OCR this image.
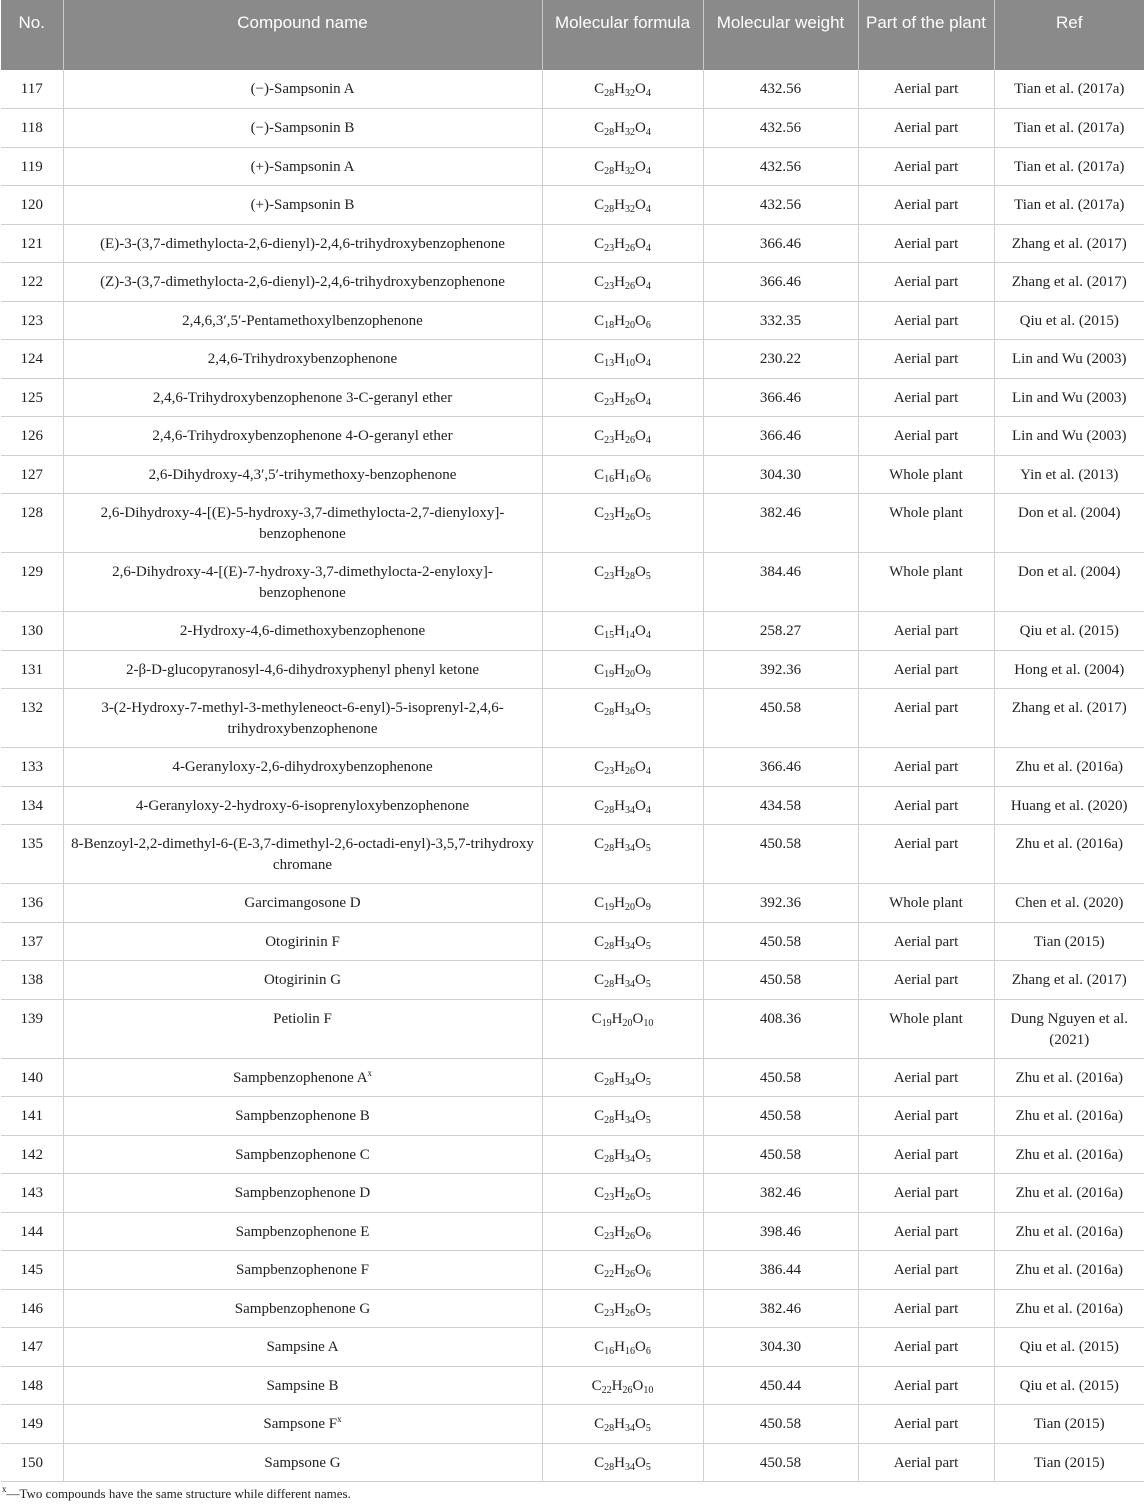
No.	Compound name	Molecular formula	Molecular weight	Part of the plant	Ref
117	(−)-Sampsonin A	$C_{28}H_{32}O_4$	432.56	Aerial part	Tian et al. (2017a)
118	(−)-Sampsonin B	$C_{28}H_{32}O_4$	432.56	Aerial part	Tian et al. (2017a)
119	(+)-Sampsonin A	$C_{28}H_{32}O_4$	432.56	Aerial part	Tian et al. (2017a)
120	(+)-Sampsonin B	$C_{28}H_{32}O_4$	432.56	Aerial part	Tian et al. (2017a)
121	(E)-3-(3,7-dimethylocta-2,6-dienyl)-2,4,6-trihydroxybenzophenone	$C_{23}H_{26}O_4$	366.46	Aerial part	Zhang et al. (2017)
122	(Z)-3-(3,7-dimethylocta-2,6-dienyl)-2,4,6-trihydroxybenzophenone	$C_{23}H_{26}O_4$	366.46	Aerial part	Zhang et al. (2017)
123	2,4,6,3′,5′-Pentamethoxylbenzophenone	$C_{18}H_{20}O_6$	332.35	Aerial part	Qiu et al. (2015)
124	2,4,6-Trihydroxybenzophenone	$C_{13}H_{10}O_4$	230.22	Aerial part	Lin and Wu (2003)
125	2,4,6-Trihydroxybenzophenone 3-C-geranyl ether	$C_{23}H_{26}O_4$	366.46	Aerial part	Lin and Wu (2003)
126	2,4,6-Trihydroxybenzophenone 4-O-geranyl ether	$C_{23}H_{26}O_4$	366.46	Aerial part	Lin and Wu (2003)
127	2,6-Dihydroxy-4,3′,5′-trihymethoxy-benzophenone	$C_{16}H_{16}O_6$	304.30	Whole plant	Yin et al. (2013)
128	2,6-Dihydroxy-4-[(E)-5-hydroxy-3,7-dimethylocta-2,7-dienyloxy]-benzophenone	$C_{23}H_{26}O_5$	382.46	Whole plant	Don et al. (2004)
129	2,6-Dihydroxy-4-[(E)-7-hydroxy-3,7-dimethylocta-2-enyloxy]-benzophenone	$C_{23}H_{28}O_5$	384.46	Whole plant	Don et al. (2004)
130	2-Hydroxy-4,6-dimethoxybenzophenone	$C_{15}H_{14}O_4$	258.27	Aerial part	Qiu et al. (2015)
131	2-β-D-glucopyranosyl-4,6-dihydroxyphenyl phenyl ketone	$C_{19}H_{20}O_9$	392.36	Aerial part	Hong et al. (2004)
132	3-(2-Hydroxy-7-methyl-3-methyleneoct-6-enyl)-5-isoprenyl-2,4,6-trihydroxybenzophenone	$C_{28}H_{34}O_5$	450.58	Aerial part	Zhang et al. (2017)
133	4-Geranyloxy-2,6-dihydroxybenzophenone	$C_{23}H_{26}O_4$	366.46	Aerial part	Zhu et al. (2016a)
134	4-Geranyloxy-2-hydroxy-6-isoprenyloxybenzophenone	$C_{28}H_{34}O_4$	434.58	Aerial part	Huang et al. (2020)
135	8-Benzoyl-2,2-dimethyl-6-(E-3,7-dimethyl-2,6-octadi-enyl)-3,5,7-trihydroxy chromane	$C_{28}H_{34}O_5$	450.58	Aerial part	Zhu et al. (2016a)
136	Garcimangosone D	$C_{19}H_{20}O_9$	392.36	Whole plant	Chen et al. (2020)
137	Otogirinin F	$C_{28}H_{34}O_5$	450.58	Aerial part	Tian (2015)
138	Otogirinin G	$C_{28}H_{34}O_5$	450.58	Aerial part	Zhang et al. (2017)
139	Petiolin F	$C_{19}H_{20}O_{10}$	408.36	Whole plant	Dung Nguyen et al. (2021)
140	Sampbenzophenone $A^x$	$C_{28}H_{34}O_5$	450.58	Aerial part	Zhu et al. (2016a)
141	Sampbenzophenone B	$C_{28}H_{34}O_5$	450.58	Aerial part	Zhu et al. (2016a)
142	Sampbenzophenone C	$C_{28}H_{34}O_5$	450.58	Aerial part	Zhu et al. (2016a)
143	Sampbenzophenone D	$C_{23}H_{26}O_5$	382.46	Aerial part	Zhu et al. (2016a)
144	Sampbenzophenone E	$C_{23}H_{26}O_6$	398.46	Aerial part	Zhu et al. (2016a)
145	Sampbenzophenone F	$C_{22}H_{26}O_6$	386.44	Aerial part	Zhu et al. (2016a)
146	Sampbenzophenone G	$C_{23}H_{26}O_5$	382.46	Aerial part	Zhu et al. (2016a)
147	Sampsine A	$C_{16}H_{16}O_6$	304.30	Aerial part	Qiu et al. (2015)
148	Sampsine B	$C_{22}H_{26}O_{10}$	450.44	Aerial part	Qiu et al. (2015)
149	Sampsone $F^x$	$C_{28}H_{34}O_5$	450.58	Aerial part	Tian (2015)
150	Sampsone G	$C_{28}H_{34}O_5$	450.58	Aerial part	Tian (2015)
$^x$—Two compounds have the same structure while different names.
